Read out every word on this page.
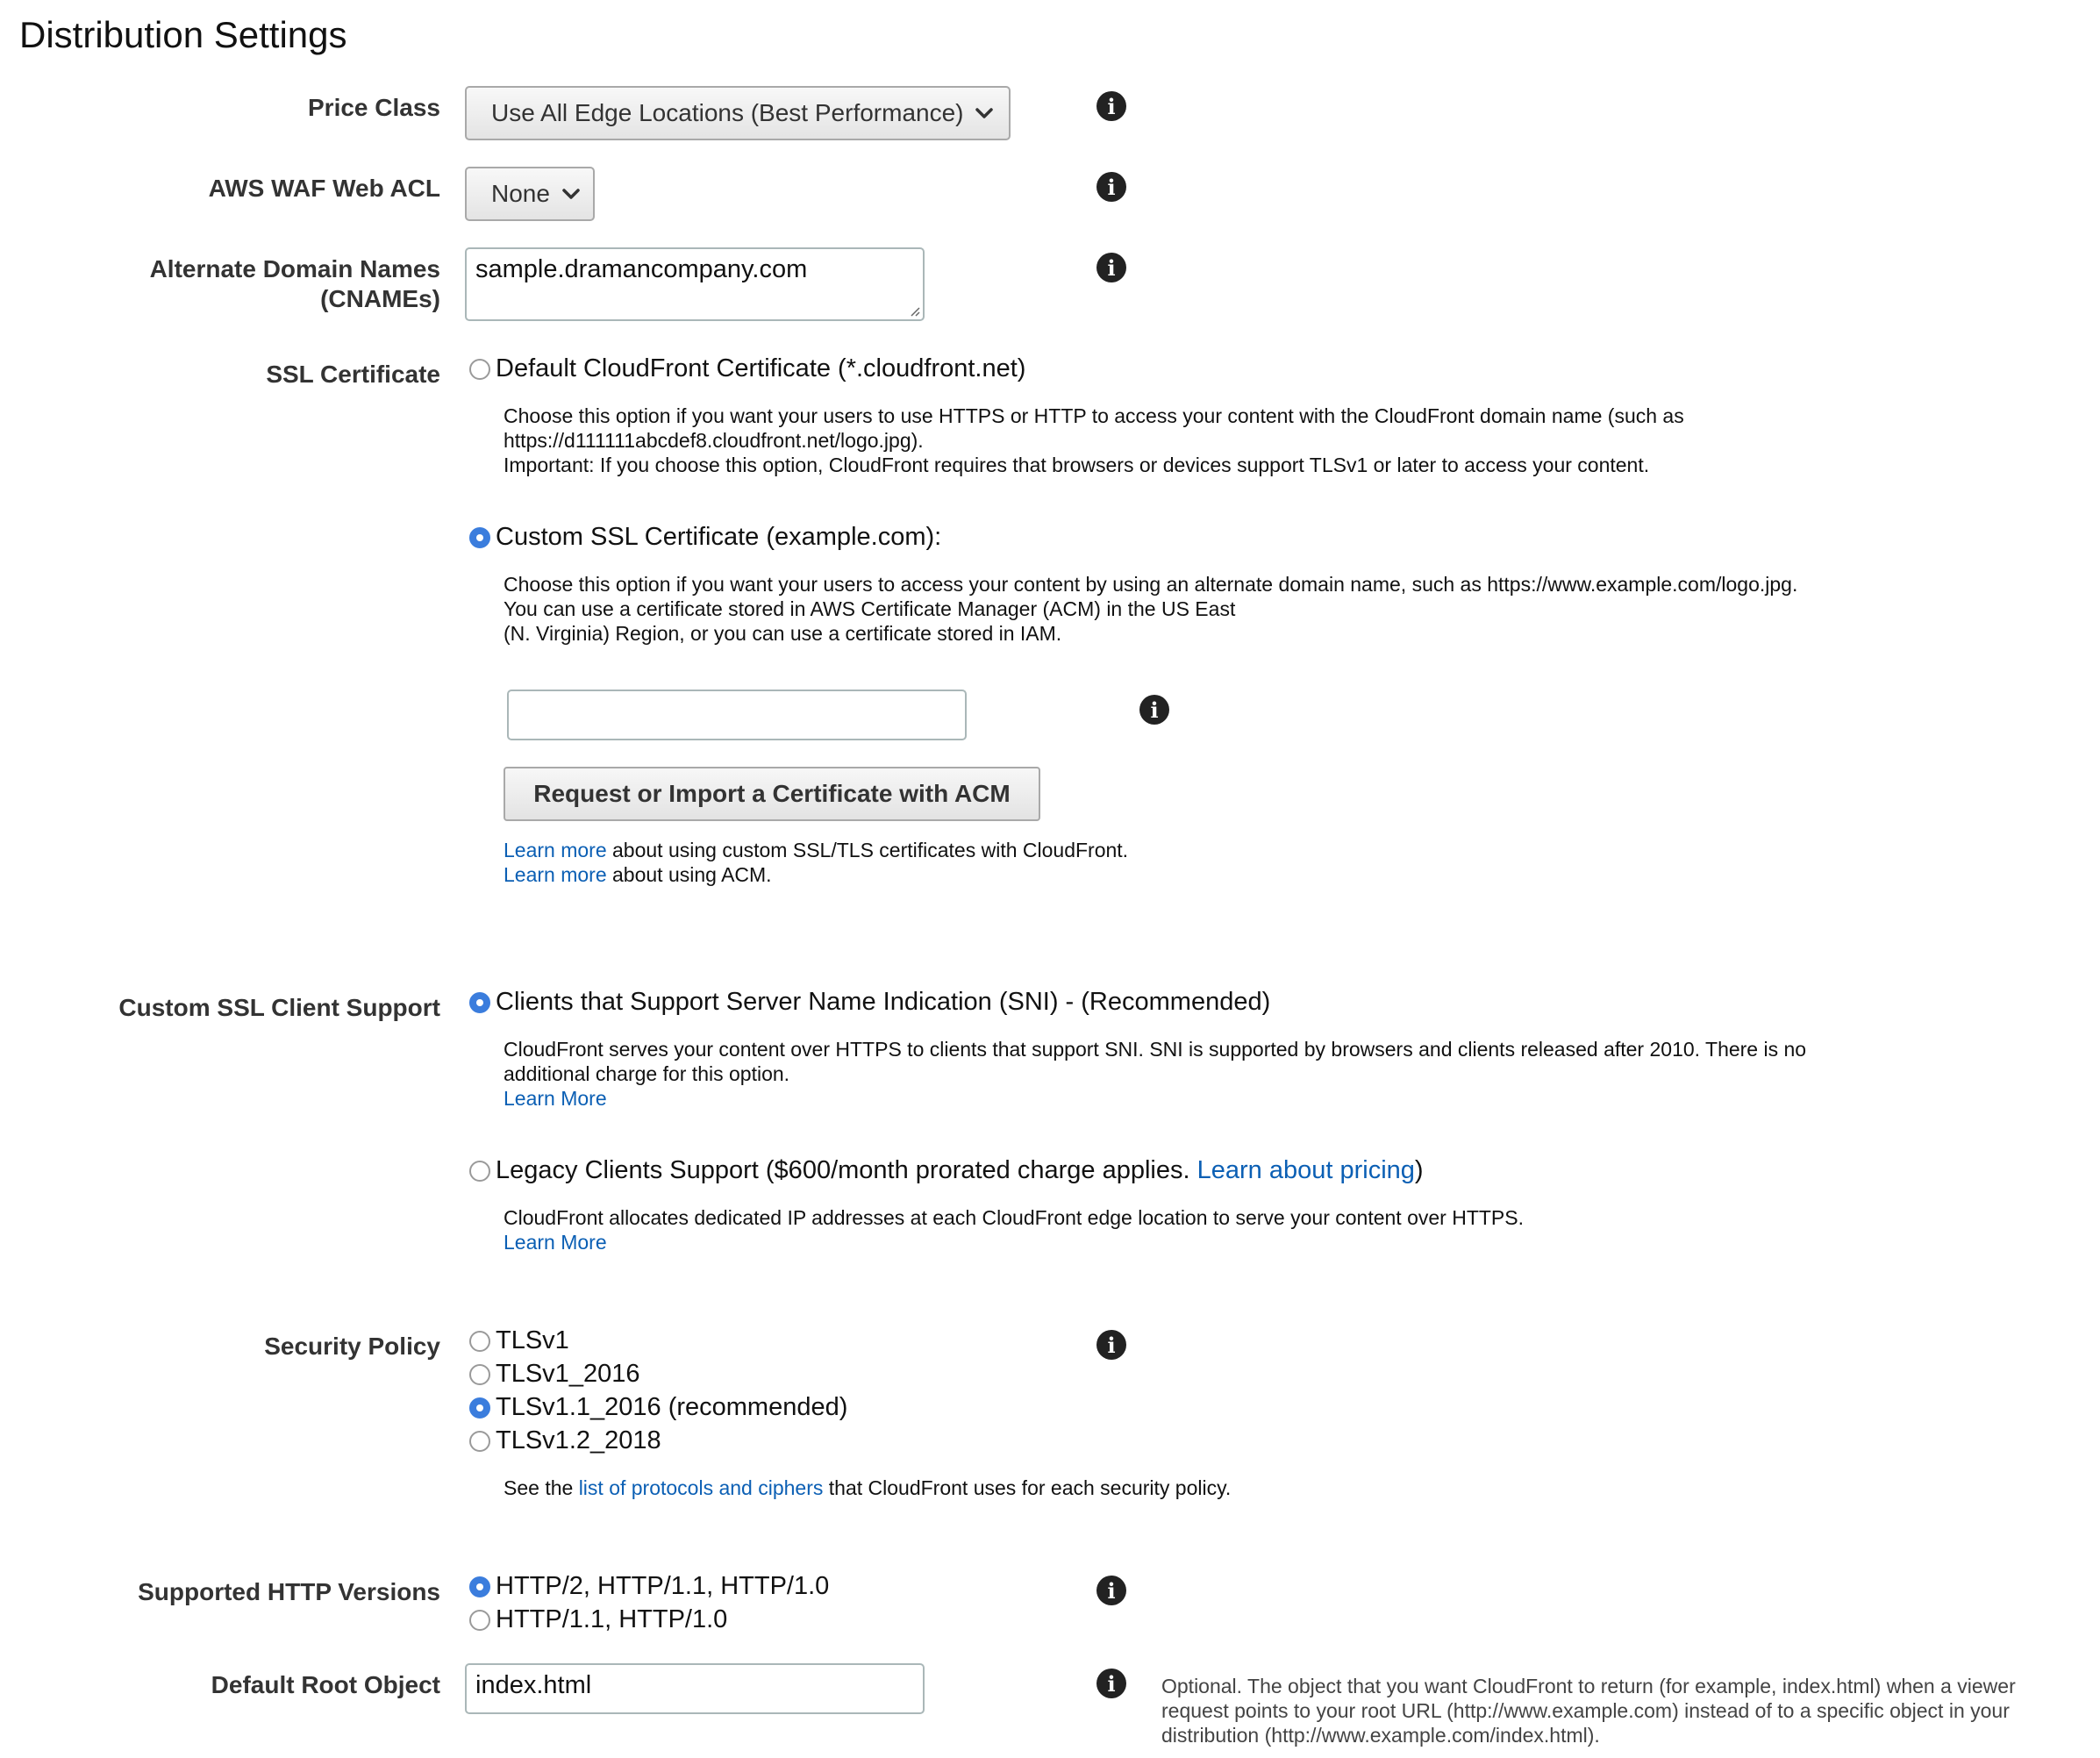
Distribution Settings
Price Class Use All Edge Locations (Best Performance)	i
AWS WAF Web ACL None	i
Alternate Domain Names
(CNAMEs)
sample.dramancompany.com	i
SSL Certificate Default CloudFront Certificate (*.cloudfront.net)
Choose this option if you want your users to use HTTPS or HTTP to access your content with the CloudFront domain name (such as
https://d111111abcdef8.cloudfront.net/logo.jpg).
Important: If you choose this option, CloudFront requires that browsers or devices support TLSv1 or later to access your content.
Custom SSL Certificate (example.com):
Choose this option if you want your users to access your content by using an alternate domain name, such as https://www.example.com/logo.jpg.
You can use a certificate stored in AWS Certificate Manager (ACM) in the US East
(N. Virginia) Region, or you can use a certificate stored in IAM.
i
Request or Import a Certificate with ACM
Learn more about using custom SSL/TLS certificates with CloudFront.
Learn more about using ACM.
Custom SSL Client Support Clients that Support Server Name Indication (SNI) - (Recommended)
CloudFront serves your content over HTTPS to clients that support SNI. SNI is supported by browsers and clients released after 2010. There is no
additional charge for this option.
Learn More
Legacy Clients Support ($600/month prorated charge applies. Learn about pricing)
CloudFront allocates dedicated IP addresses at each CloudFront edge location to serve your content over HTTPS.
Learn More
Security Policy TLSv1
TLSv1_2016
TLSv1.1_2016 (recommended)
TLSv1.2_2018
i
See the list of protocols and ciphers that CloudFront uses for each security policy.
Supported HTTP Versions HTTP/2, HTTP/1.1, HTTP/1.0
HTTP/1.1, HTTP/1.0
i
Default Root Object	index.html	i	Optional. The object that you want CloudFront to return (for example, index.html) when a viewer
request points to your root URL (http://www.example.com) instead of to a specific object in your
distribution (http://www.example.com/index.html).
